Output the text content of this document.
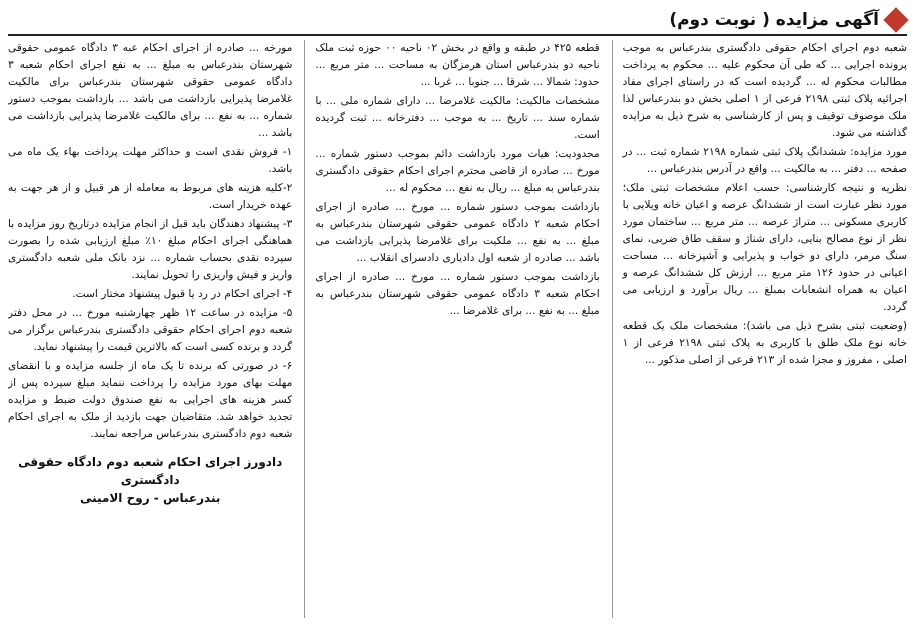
آگهی مزایده ( نوبت دوم)

شعبه دوم اجرای احکام حقوقی دادگستری بندرعباس به موجب پرونده اجرایی ... که طی آن محکوم علیه ... محکوم به پرداخت مطالبات محکوم له ... گردیده است که در راستای اجرای مفاد اجرائیه پلاک ثبتی ۲۱۹۸ فرعی از ۱ اصلی بخش دو بندرعباس لذا ملک موصوف توقیف و پس از کارشناسی به شرح ذیل به مزایده گذاشته می شود.

مورد مزایده: ششدانگ پلاک ثبتی شماره ۲۱۹۸ شماره ثبت ... در صفحه ... دفتر ... به مالکیت ... واقع در آدرس بندرعباس ...

نظریه و نتیجه کارشناسی: حسب اعلام مشخصات ثبتی ملک؛ مورد نظر عبارت است از ششدانگ عرصه و اعیان خانه ویلایی با کاربری مسکونی ... متراژ عرصه ... متر مربع ... ساختمان مورد نظر از نوع مصالح بنایی، دارای شناژ و سقف طاق ضربی، نمای سنگ مرمر، دارای دو خواب و پذیرایی و آشپزخانه ... مساحت اعیانی در حدود ۱۲۶ متر مربع ... ارزش کل ششدانگ عرصه و اعیان به همراه انشعابات بمبلغ ... ریال برآورد و ارزیابی می گردد.

(وضعیت ثبتی بشرح ذیل می باشد): مشخصات ملک یک قطعه خانه نوع ملک طلق با کاربری به پلاک ثبتی ۲۱۹۸ فرعی از ۱ اصلی ، مفروز و مجزا شده از ۲۱۳ فرعی از اصلی مذکور ...

قطعه ۴۲۵ در طبقه و واقع در بخش ۰۲ ناحیه ۰۰ حوزه ثبت ملک ناحیه دو بندرعباس استان هرمزگان به مساحت ... متر مربع ... حدود: شمالا ... شرقا ... جنوبا ... غربا ...

مشخصات مالکیت: مالکیت غلامرضا ... دارای شماره ملی ... با شماره سند ... تاریخ ... به موجب ... دفترخانه ... ثبت گردیده است.

محدودیت: هیات مورد بازداشت دائم بموجب دستور شماره ... مورخ ... صادره از قاضی محترم اجرای احکام حقوقی دادگستری بندرعباس به مبلغ ... ریال به نفع ... محکوم له ...

بازداشت بموجب دستور شماره ... مورخ ... صادره از اجرای احکام شعبه ۲ دادگاه عمومی حقوقی شهرستان بندرعباس به مبلغ ... به نفع ... ملکیت برای غلامرضا پذیرایی بازداشت می باشد ... صادره از شعبه اول دادیاری دادسرای انقلاب ...

بازداشت بموجب دستور شماره ... مورخ ... صادره از اجرای احکام شعبه ۳ دادگاه عمومی حقوقی شهرستان بندرعباس به مبلغ ... به نفع ... برای غلامرضا ...

مورخه ... صادره از اجرای احکام عبه ۳ دادگاه عمومی حقوقی شهرستان بندرعباس به مبلغ ... به نفع اجرای احکام شعبه ۳ دادگاه عمومی حقوقی شهرستان بندرعباس برای مالکیت غلامرضا پذیرایی بازداشت می باشد ... بازداشت بموجب دستور شماره ... به نفع ... برای مالکیت غلامرضا پذیرایی بازداشت می باشد ...

۱- فروش نقدی است و حداکثر مهلت پرداخت بهاء یک ماه می باشد.

۲-کلیه هزینه های مربوط به معامله از هر قبیل و از هر جهت به عهده خریدار است.

۳- پیشنهاد دهندگان باید قبل از انجام مزایده درتاریخ روز مزایده با هماهنگی اجرای احکام مبلغ ۱۰٪ مبلغ ارزیابی شده را بصورت سپرده نقدی بحساب شماره ... نزد بانک ملی شعبه دادگستری واریز و فیش واریزی را تحویل نمایند.

۴- اجرای احکام در رد یا قبول پیشنهاد مختار است.

۵- مزایده در ساعت ۱۲ ظهر چهارشنبه مورخ ... در محل دفتر شعبه دوم اجرای احکام حقوقی دادگستری بندرعباس برگزار می گردد و برنده کسی است که بالاترین قیمت را پیشنهاد نماید.

۶- در صورتی که برنده تا یک ماه از جلسه مزایده و با انقضای مهلت بهای مورد مزایده را پرداخت ننماید مبلغ سپرده پس از کسر هزینه های اجرایی به نفع صندوق دولت ضبط و مزایده تجدید خواهد شد. متقاضیان جهت بازدید از ملک به اجرای احکام شعبه دوم دادگستری بندرعباس مراجعه نمایند.

دادورز اجرای احکام شعبه دوم دادگاه حقوقی دادگستری
بندرعباس - روح الامینی
